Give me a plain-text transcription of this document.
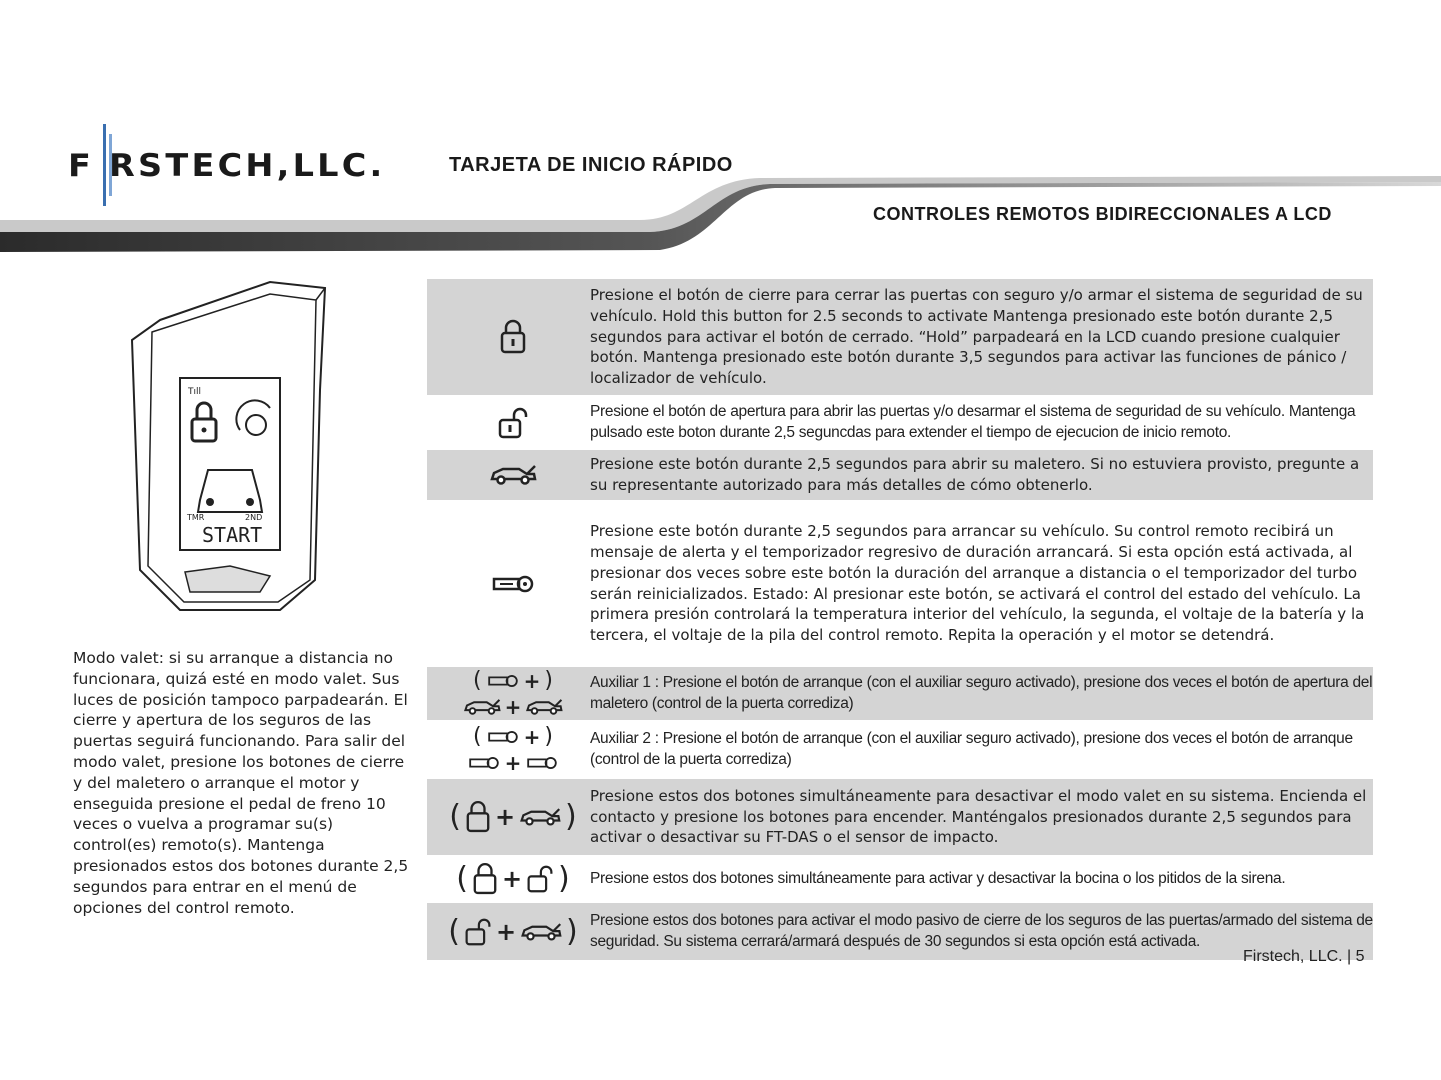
F RSTECH,LLC.	TARJETA DE INICIO RÁPIDO
CONTROLES REMOTOS BIDIRECCIONALES A LCD
Tıll
TMR	2ND
START
Modo valet: si su arranque a distancia no funcionara, quizá esté en modo valet. Sus luces de posición tampoco parpadearán. El cierre y apertura de los seguros de las puertas seguirá funcionando. Para salir del modo valet, presione los botones de cierre y del maletero o arranque el motor y enseguida presione el pedal de freno 10 veces o vuelva a programar su(s) control(es) remoto(s). Mantenga presionados estos dos botones durante 2,5 segundos para entrar en el menú de opciones del control remoto.
Presione el botón de cierre para cerrar las puertas con seguro y/o armar el sistema de seguridad de su vehículo. Hold this button for 2.5 seconds to activate Mantenga presionado este botón durante 2,5 segundos para activar el botón de cerrado. “Hold” parpadeará en la LCD cuando presione cualquier botón. Mantenga presionado este botón durante 3,5 segundos para activar las funciones de pánico / localizador de vehículo.
Presione el botón de apertura para abrir las puertas y/o desarmar el sistema de seguridad de su vehículo. Mantenga pulsado este boton durante 2,5 seguncdas para extender el tiempo de ejecucion de inicio remoto.
Presione este botón durante 2,5 segundos para abrir su maletero. Si no estuviera provisto, pregunte a su representante autorizado para más detalles de cómo obtenerlo.
Presione este botón durante 2,5 segundos para arrancar su vehículo. Su control remoto recibirá un mensaje de alerta y el temporizador regresivo de duración arrancará. Si esta opción está activada, al presionar dos veces sobre este botón la duración del arranque a distancia o el temporizador del turbo serán reinicializados. Estado: Al presionar este botón, se activará el control del estado del vehículo. La primera presión controlará la temperatura interior del vehículo, la segunda, el voltaje de la batería y la tercera, el voltaje de la pila del control remoto. Repita la operación y el motor se detendrá.
( + )
+
Auxiliar 1 : Presione el botón de arranque (con el auxiliar seguro activado), presione dos veces el botón de apertura del maletero (control de la puerta corrediza)
( + )
+
Auxiliar 2 : Presione el botón de arranque (con el auxiliar seguro activado), presione dos veces el botón de arranque (control de la puerta corrediza)
( + )
Presione estos dos botones simultáneamente para desactivar el modo valet en su sistema. Encienda el contacto y presione los botones para encender. Manténgalos presionados durante 2,5 segundos para activar o desactivar su FT-DAS o el sensor de impacto.
( + ) Presione estos dos botones simultáneamente para activar y desactivar la bocina o los pitidos de la sirena.
( + ) Presione estos dos botones para activar el modo pasivo de cierre de los seguros de las puertas/armado del sistema de seguridad. Su sistema cerrará/armará después de 30 segundos si esta opción está activada.
Firstech, LLC. | 5
